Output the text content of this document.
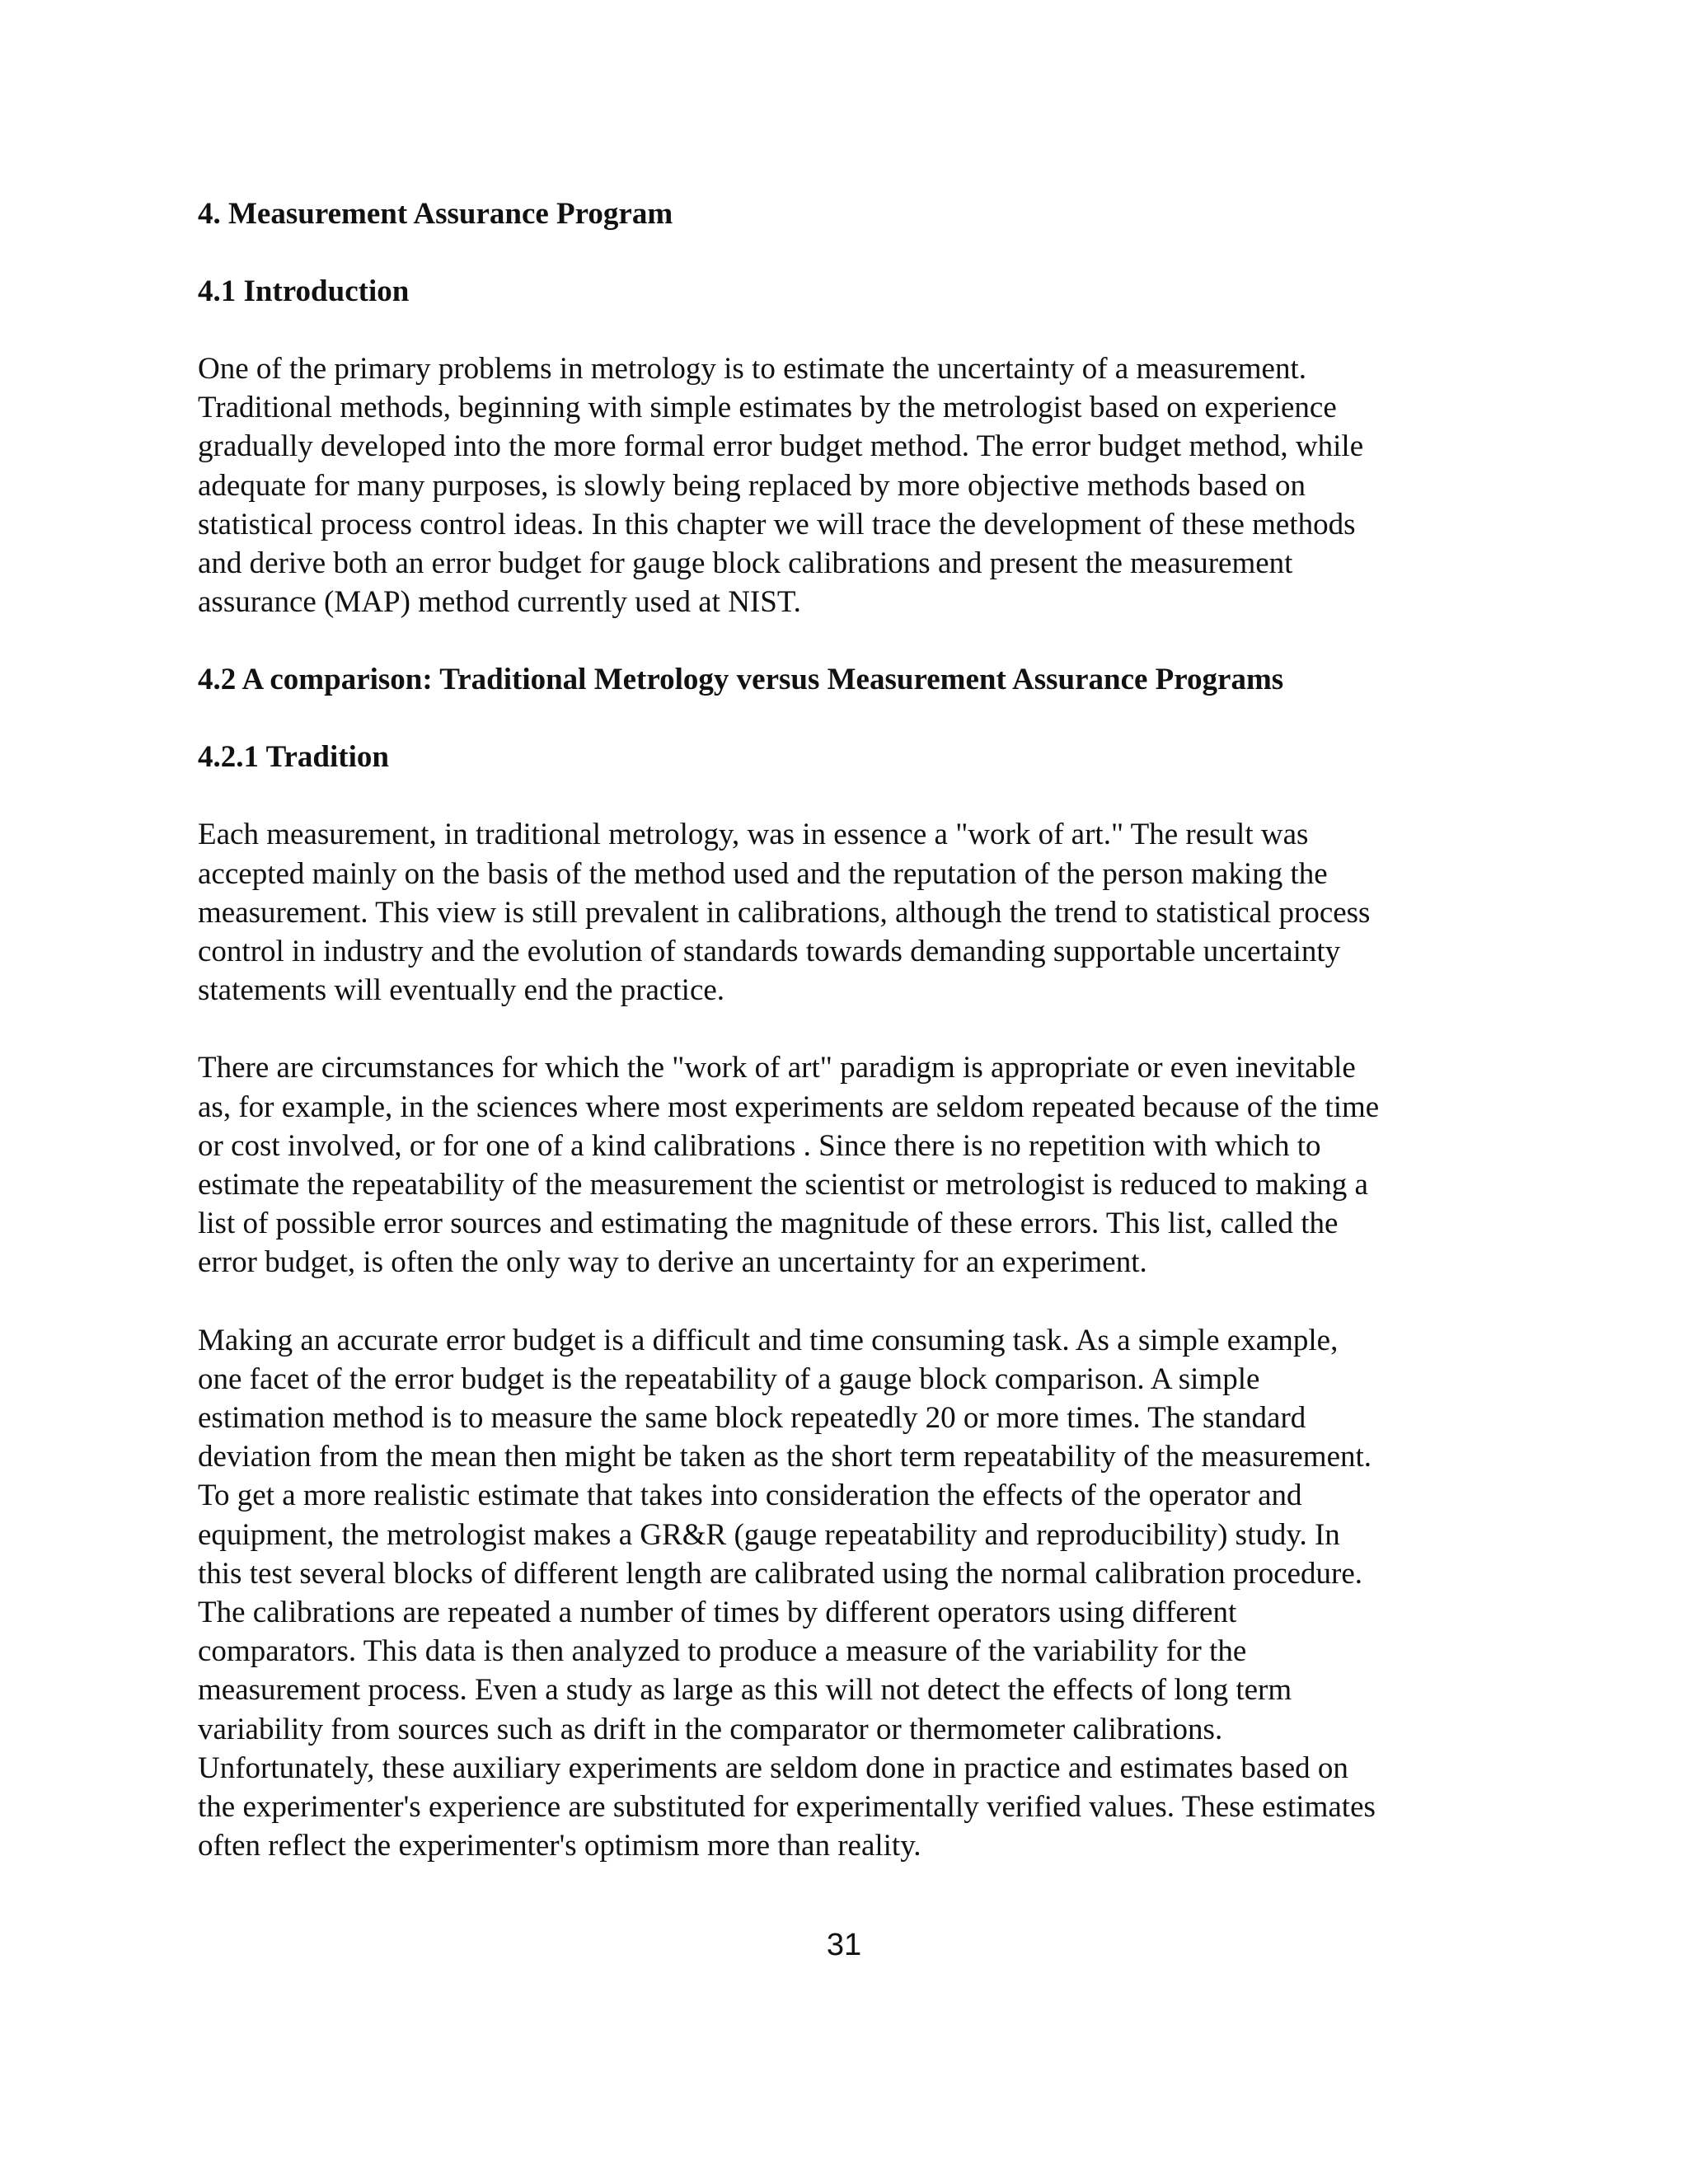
4. Measurement Assurance Program
4.1 Introduction

One of the primary problems in metrology is to estimate the uncertainty of a measurement.
Traditional methods, beginning with simple estimates by the metrologist based on experience
gradually developed into the more formal error budget method. The error budget method, while
adequate for many purposes, is slowly being replaced by more objective methods based on
statistical process control ideas. In this chapter we will trace the development of these methods
and derive both an error budget for gauge block calibrations and present the measurement
assurance (MAP) method currently used at NIST.

4.2 A comparison: Traditional Metrology versus Measurement Assurance Programs
4.2.1 Tradition

Each measurement, in traditional metrology, was in essence a "work of art." The result was
accepted mainly on the basis of the method used and the reputation of the person making the
measurement. This view is still prevalent in calibrations, although the trend to statistical process
control in industry and the evolution of standards towards demanding supportable uncertainty
statements will eventually end the practice.

There are circumstances for which the "work of art" paradigm is appropriate or even inevitable
as, for example, in the sciences where most experiments are seldom repeated because of the time
or cost involved, or for one of a kind calibrations . Since there is no repetition with which to
estimate the repeatability of the measurement the scientist or metrologist is reduced to making a
list of possible error sources and estimating the magnitude of these errors. This list, called the
error budget, is often the only way to derive an uncertainty for an experiment.

Making an accurate error budget is a difficult and time consuming task. As a simple example,
one facet of the error budget is the repeatability of a gauge block comparison. A simple
estimation method is to measure the same block repeatedly 20 or more times. The standard
deviation from the mean then might be taken as the short term repeatability of the measurement.
To get a more realistic estimate that takes into consideration the effects of the operator and
equipment, the metrologist makes a GR&R (gauge repeatability and reproducibility) study. In
this test several blocks of different length are calibrated using the normal calibration procedure.
The calibrations are repeated a number of times by different operators using different
comparators. This data is then analyzed to produce a measure of the variability for the
measurement process. Even a study as large as this will not detect the effects of long term
variability from sources such as drift in the comparator or thermometer calibrations.
Unfortunately, these auxiliary experiments are seldom done in practice and estimates based on
the experimenter's experience are substituted for experimentally verified values. These estimates
often reflect the experimenter's optimism more than reality.

31
